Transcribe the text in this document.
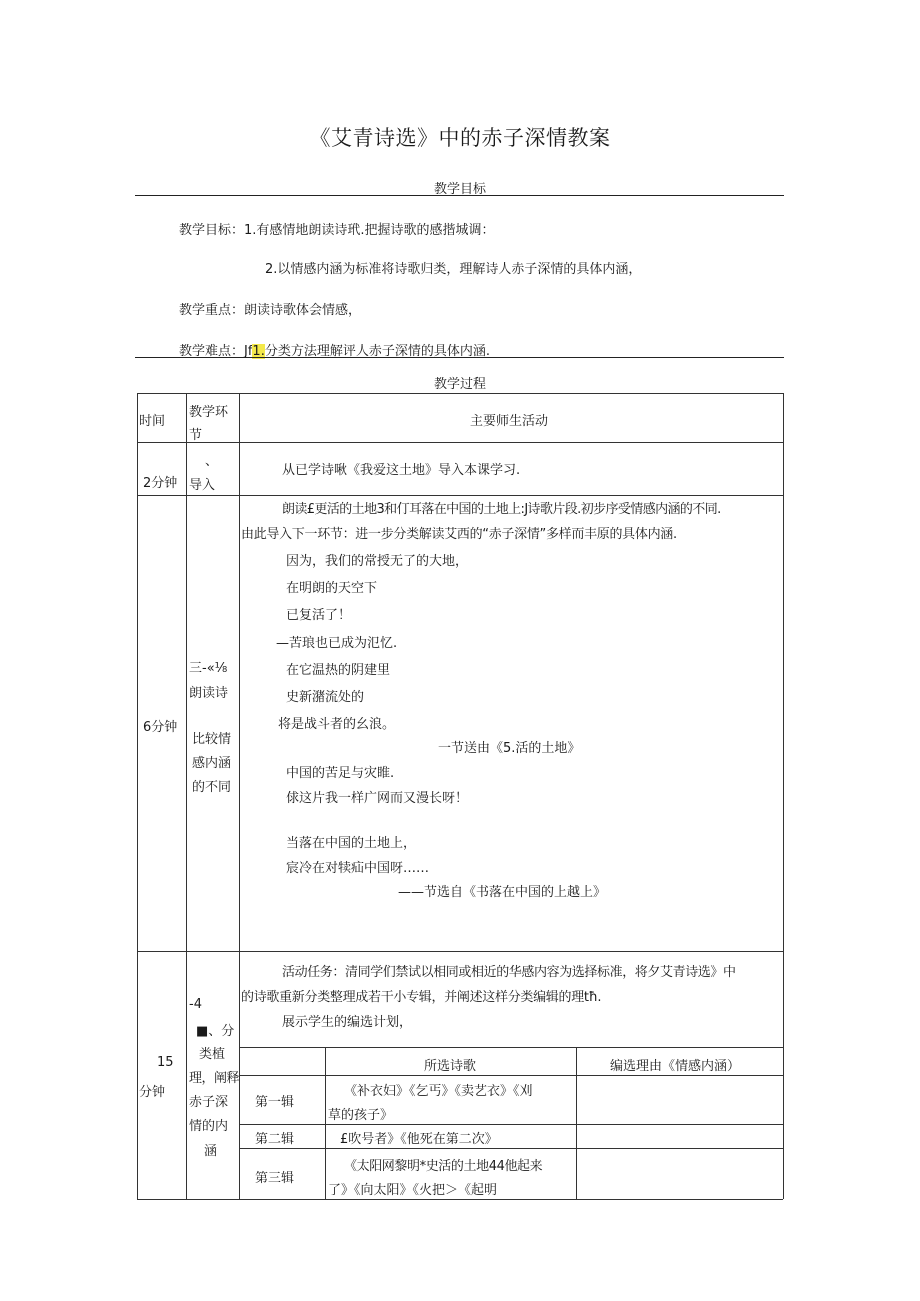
《艾青诗选》中的赤子深情教案
教学目标
教学目标：1.有感情地朗读诗玳.把握诗歌的感揩城调：
2.以情感内涵为标准将诗歌归类，理解诗人赤子深情的具体内涵，
教学重点：朗读诗歌体会情感，
教学难点：Jf1.分类方法理解评人赤子深情的具体内涵.
教学过程
时间
教学环
节
主要师生活动
2分钟
、
导入
从已学诗啾《我爱这土地》导入本课学习.
6分钟
三-«⅛
朗读诗
比较情
感内涵
的不同
朗读£更活的土地3和仃耳落在中国的土地上:J诗歌片段.初步序受情感内涵的不同.
由此导入下一环节：进一步分类解读艾西的“赤子深情”多样而丰原的具体内涵.
因为，我们的常授无了的大地，
在明朗的天空下
已复活了！
—苦琅也已成为氾忆.
在它温热的阴建里
史新潴流处的
将是战斗者的幺浪。
一节送由《5.活的土地》
中国的苦足与灾睢.
俅这片我一样广网而又漫长呀！
当落在中国的土地上，
宸冷在对犊疝中国呀……
——节选自《书落在中国的上越上》
15
分钟
-4
■、分
类植
理，阐释
赤子深
情的内
涵
活动任务：清同学们禁试以相同或相近的华感内容为选择标准，将夕艾青诗选》中
的诗歌重新分类整理成若干小专辑，并阐述这样分类编辑的理tħ.
展示学生的编选计划，
所选诗歌	编选理由《情感内涵）
第一辑
《补衣妇》《乞丐》《卖艺衣》《刈
草的孩子》
第二辑	£吹号者》《他死在第二次》
第三辑
《太阳网黎明*史活的土地44他起来
了》《向太阳》《火把＞《起明
